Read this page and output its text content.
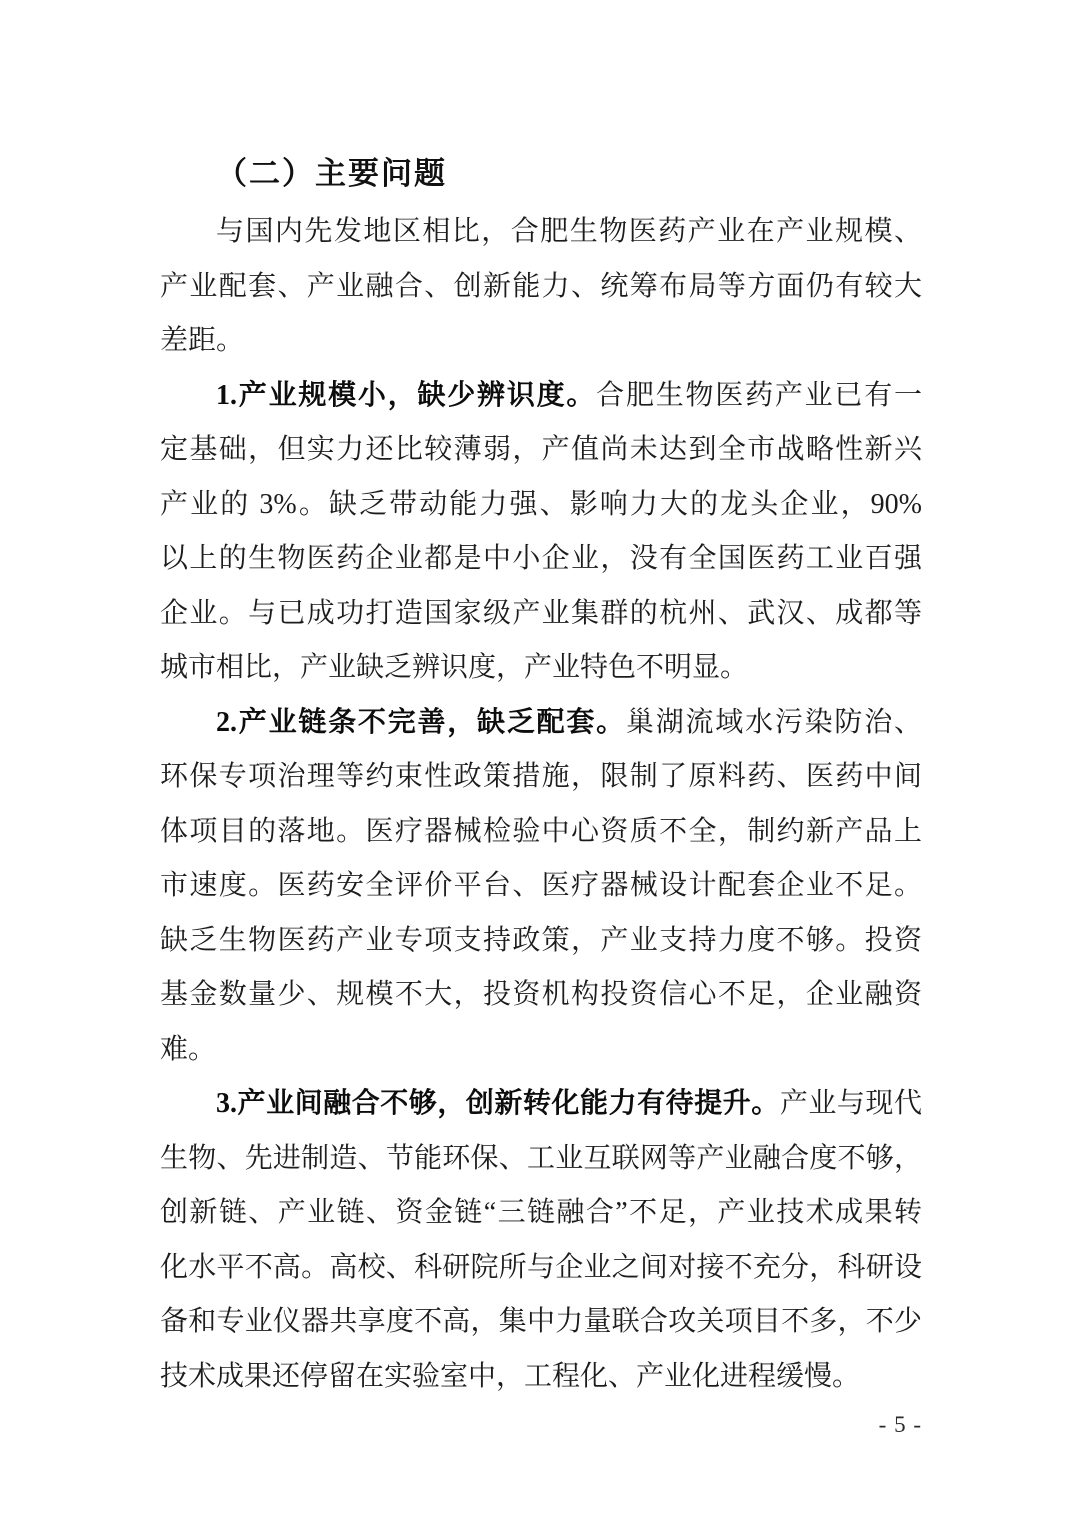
（二）主要问题
与国内先发地区相比，合肥生物医药产业在产业规模、
产业配套、产业融合、创新能力、统筹布局等方面仍有较大
差距。
1.产业规模小，缺少辨识度。合肥生物医药产业已有一
定基础，但实力还比较薄弱，产值尚未达到全市战略性新兴
产业的 3%。缺乏带动能力强、影响力大的龙头企业，90%
以上的生物医药企业都是中小企业，没有全国医药工业百强
企业。与已成功打造国家级产业集群的杭州、武汉、成都等
城市相比，产业缺乏辨识度，产业特色不明显。
2.产业链条不完善，缺乏配套。巢湖流域水污染防治、
环保专项治理等约束性政策措施，限制了原料药、医药中间
体项目的落地。医疗器械检验中心资质不全，制约新产品上
市速度。医药安全评价平台、医疗器械设计配套企业不足。
缺乏生物医药产业专项支持政策，产业支持力度不够。投资
基金数量少、规模不大，投资机构投资信心不足，企业融资
难。
3.产业间融合不够，创新转化能力有待提升。产业与现代
生物、先进制造、节能环保、工业互联网等产业融合度不够，
创新链、产业链、资金链“三链融合”不足，产业技术成果转
化水平不高。高校、科研院所与企业之间对接不充分，科研设
备和专业仪器共享度不高，集中力量联合攻关项目不多，不少
技术成果还停留在实验室中，工程化、产业化进程缓慢。
- 5 -
